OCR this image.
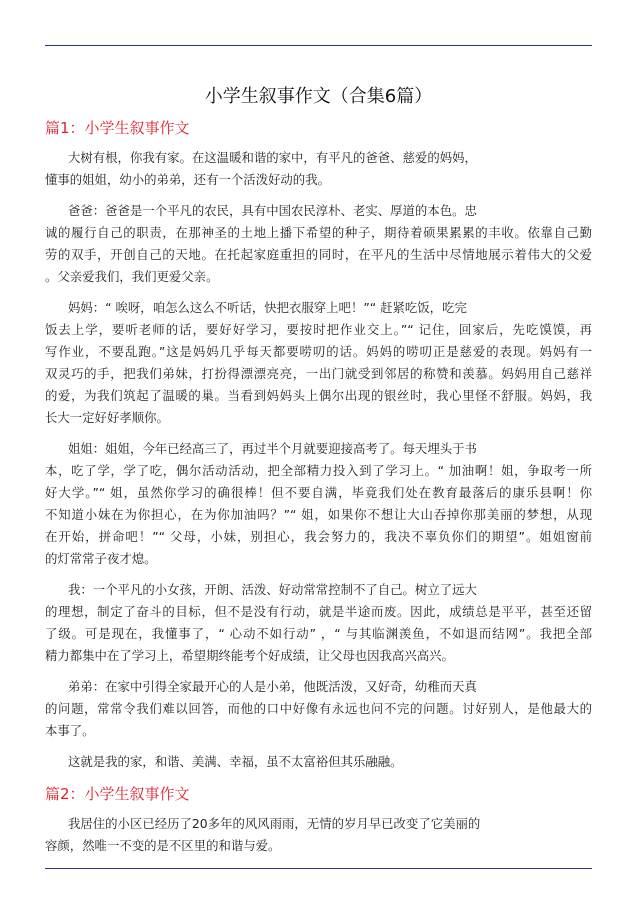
小学生叙事作文（合集6篇）
篇1：小学生叙事作文
大树有根，你我有家。在这温暖和谐的家中，有平凡的爸爸、慈爱的妈妈，
懂事的姐姐，幼小的弟弟，还有一个活泼好动的我。
爸爸：爸爸是一个平凡的农民，具有中国农民淳朴、老实、厚道的本色。忠
诚的履行自己的职责，在那神圣的土地上播下希望的种子，期待着硕果累累的丰收。依靠自己勤
劳的双手，开创自己的天地。在托起家庭重担的同时，在平凡的生活中尽情地展示着伟大的父爱
。父亲爱我们，我们更爱父亲。
妈妈：“ 唉呀，咱怎么这么不听话，快把衣服穿上吧！”“ 赶紧吃饭，吃完
饭去上学，要听老师的话，要好好学习，要按时把作业交上。”“ 记住，回家后，先吃馍馍，再
写作业，不要乱跑。”这是妈妈几乎每天都要唠叨的话。妈妈的唠叨正是慈爱的表现。妈妈有一
双灵巧的手，把我们弟妹，打扮得漂漂亮亮，一出门就受到邻居的称赞和羡慕。妈妈用自己慈祥
的爱，为我们筑起了温暖的巢。当看到妈妈头上偶尔出现的银丝时，我心里怪不舒服。妈妈，我
长大一定好好孝顺你。
姐姐：姐姐，今年已经高三了，再过半个月就要迎接高考了。每天埋头于书
本，吃了学，学了吃，偶尔活动活动，把全部精力投入到了学习上。“ 加油啊！姐，争取考一所
好大学。”“ 姐，虽然你学习的确很棒！但不要自满，毕竟我们处在教育最落后的康乐县啊！你
不知道小妹在为你担心，在为你加油吗？”“ 姐，如果你不想让大山吞掉你那美丽的梦想，从现
在开始，拼命吧！”“ 父母，小妹，别担心，我会努力的，我决不辜负你们的期望”。姐姐窗前
的灯常常子夜才熄。
我：一个平凡的小女孩，开朗、活泼、好动常常控制不了自己。树立了远大
的理想，制定了奋斗的目标，但不是没有行动，就是半途而废。因此，成绩总是平平，甚至还留
了级。可是现在，我懂事了，“ 心动不如行动” ，“ 与其临渊羡鱼，不如退而结网”。我把全部
精力都集中在了学习上，希望期终能考个好成绩，让父母也因我高兴高兴。
弟弟：在家中引得全家最开心的人是小弟，他既活泼，又好奇，幼稚而天真
的问题，常常令我们难以回答，而他的口中好像有永远也问不完的问题。讨好别人，是他最大的
本事了。
这就是我的家，和谐、美满、幸福，虽不太富裕但其乐融融。
篇2：小学生叙事作文
我居住的小区已经历了20多年的风风雨雨，无情的岁月早已改变了它美丽的
容颜，然唯一不变的是不区里的和谐与爱。
